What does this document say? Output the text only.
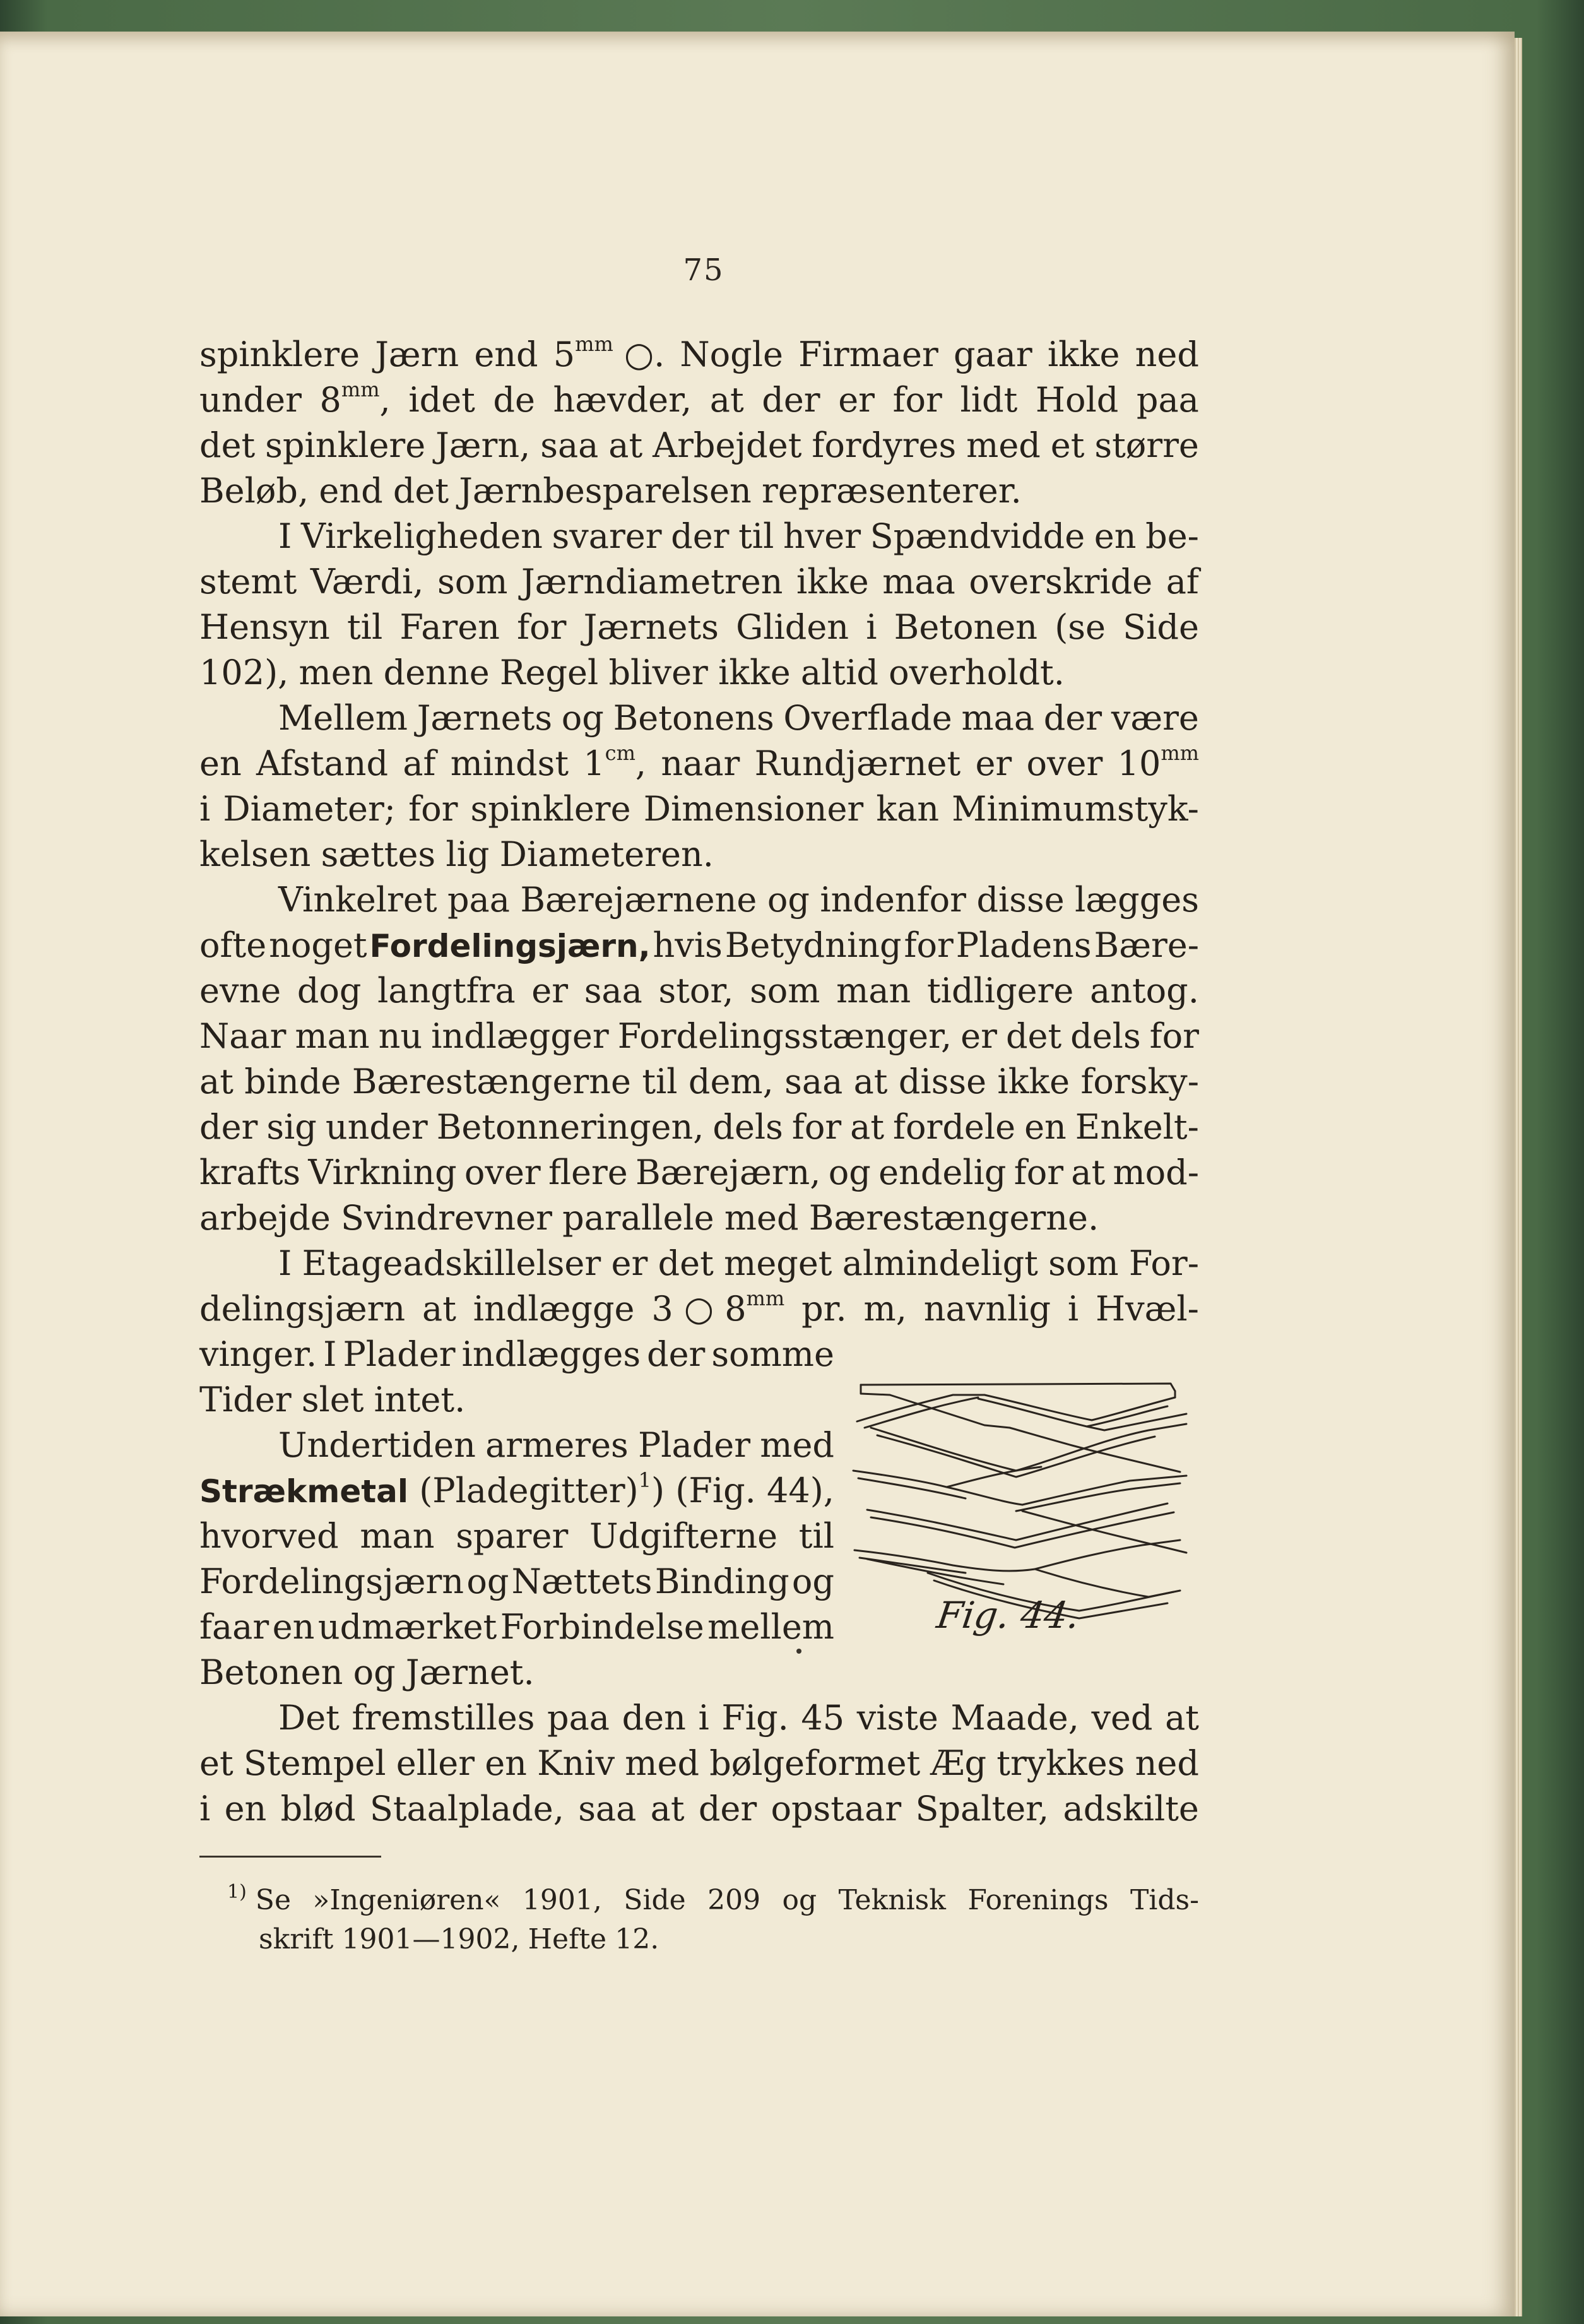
75
spinklere Jærn end $5^{mm}$ ○. Nogle Firmaer gaar ikke ned
under $8^{mm}$, idet de hævder, at der er for lidt Hold paa
det spinklere Jærn, saa at Arbejdet fordyres med et større
Beløb, end det Jærnbesparelsen repræsenterer.
I Virkeligheden svarer der til hver Spændvidde en be-
stemt Værdi, som Jærndiametren ikke maa overskride af
Hensyn til Faren for Jærnets Gliden i Betonen (se Side
102), men denne Regel bliver ikke altid overholdt.
Mellem Jærnets og Betonens Overflade maa der være
en Afstand af mindst $1^{cm}$, naar Rundjærnet er over $10^{mm}$
i Diameter; for spinklere Dimensioner kan Minimumstyk-
kelsen sættes lig Diameteren.
Vinkelret paa Bærejærnene og indenfor disse lægges
ofte noget Fordelingsjærn, hvis Betydning for Pladens Bære-
evne dog langtfra er saa stor, som man tidligere antog.
Naar man nu indlægger Fordelingsstænger, er det dels for
at binde Bærestængerne til dem, saa at disse ikke forsky-
der sig under Betonneringen, dels for at fordele en Enkelt-
krafts Virkning over flere Bærejærn, og endelig for at mod-
arbejde Svindrevner parallele med Bærestængerne.
I Etageadskillelser er det meget almindeligt som For-
delingsjærn at indlægge 3 ○ $8^{mm}$ pr. m, navnlig i Hvæl-
vinger. I Plader indlægges der somme
Tider slet intet.
Undertiden armeres Plader med
Strækmetal (Pladegitter)$^1$) (Fig. 44),
hvorved man sparer Udgifterne til
Fordelingsjærn og Nættets Binding og
faar en udmærket Forbindelse mellem
Betonen og Jærnet.
Det fremstilles paa den i Fig. 45 viste Maade, ved at
et Stempel eller en Kniv med bølgeformet Æg trykkes ned
i en blød Staalplade, saa at der opstaar Spalter, adskilte
Fig. 44.
$^{1)}$ Se »Ingeniøren« 1901, Side 209 og Teknisk Forenings Tids-
skrift 1901—1902, Hefte 12.
